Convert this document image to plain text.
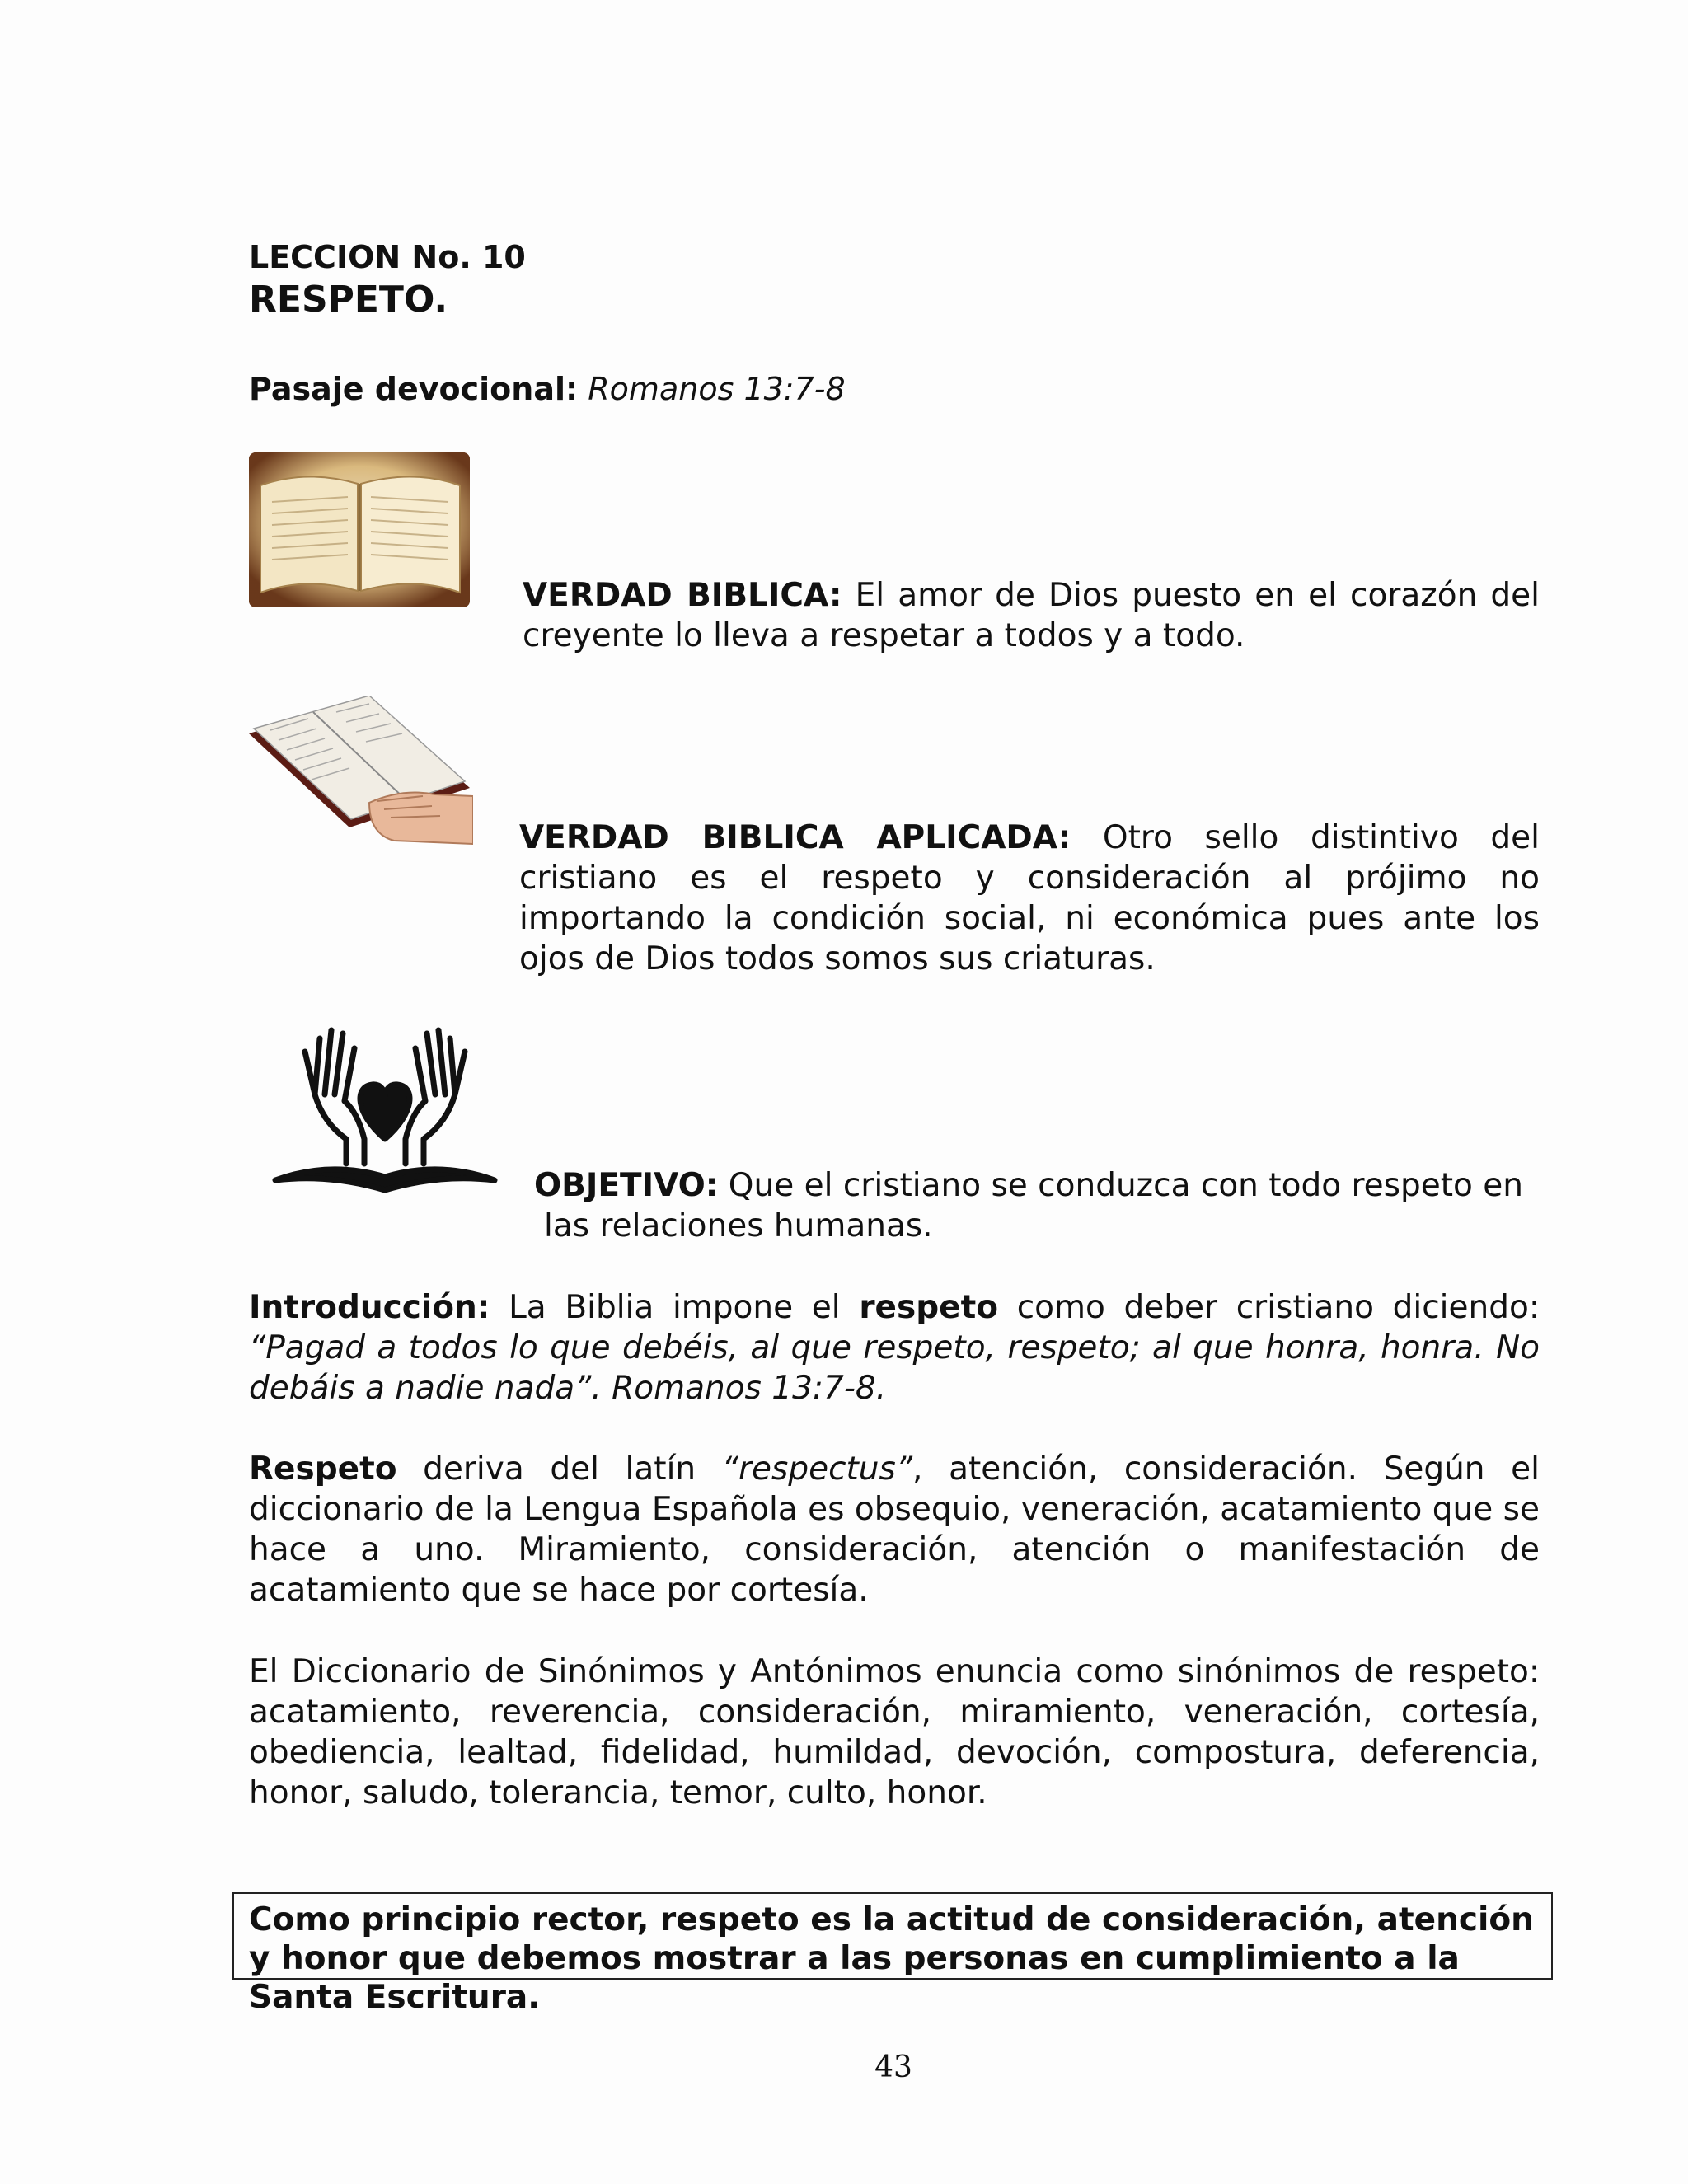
LECCION No. 10
RESPETO.
Pasaje devocional: Romanos 13:7-8
VERDAD BIBLICA: El amor de Dios puesto en el corazón del creyente lo lleva a respetar a todos y a todo.
VERDAD BIBLICA APLICADA: Otro sello distintivo del cristiano es el respeto y consideración al prójimo no importando la condición social, ni económica pues ante los ojos de Dios todos somos sus criaturas.
OBJETIVO: Que el cristiano se conduzca con todo respeto en
las relaciones humanas.
Introducción: La Biblia impone el respeto como deber cristiano diciendo: “Pagad a todos lo que debéis, al que respeto, respeto; al que honra, honra. No debáis a nadie nada”. Romanos 13:7-8.
Respeto deriva del latín “respectus”, atención, consideración. Según el diccionario de la Lengua Española es obsequio, veneración, acatamiento que se hace a uno. Miramiento, consideración, atención o manifestación de acatamiento que se hace por cortesía.
El Diccionario de Sinónimos y Antónimos enuncia como sinónimos de respeto: acatamiento, reverencia, consideración, miramiento, veneración, cortesía, obediencia, lealtad, fidelidad, humildad, devoción, compostura, deferencia, honor, saludo, tolerancia, temor, culto, honor.
Como principio rector, respeto es la actitud de consideración, atención y honor que debemos mostrar a las personas en cumplimiento a la Santa Escritura.
43
